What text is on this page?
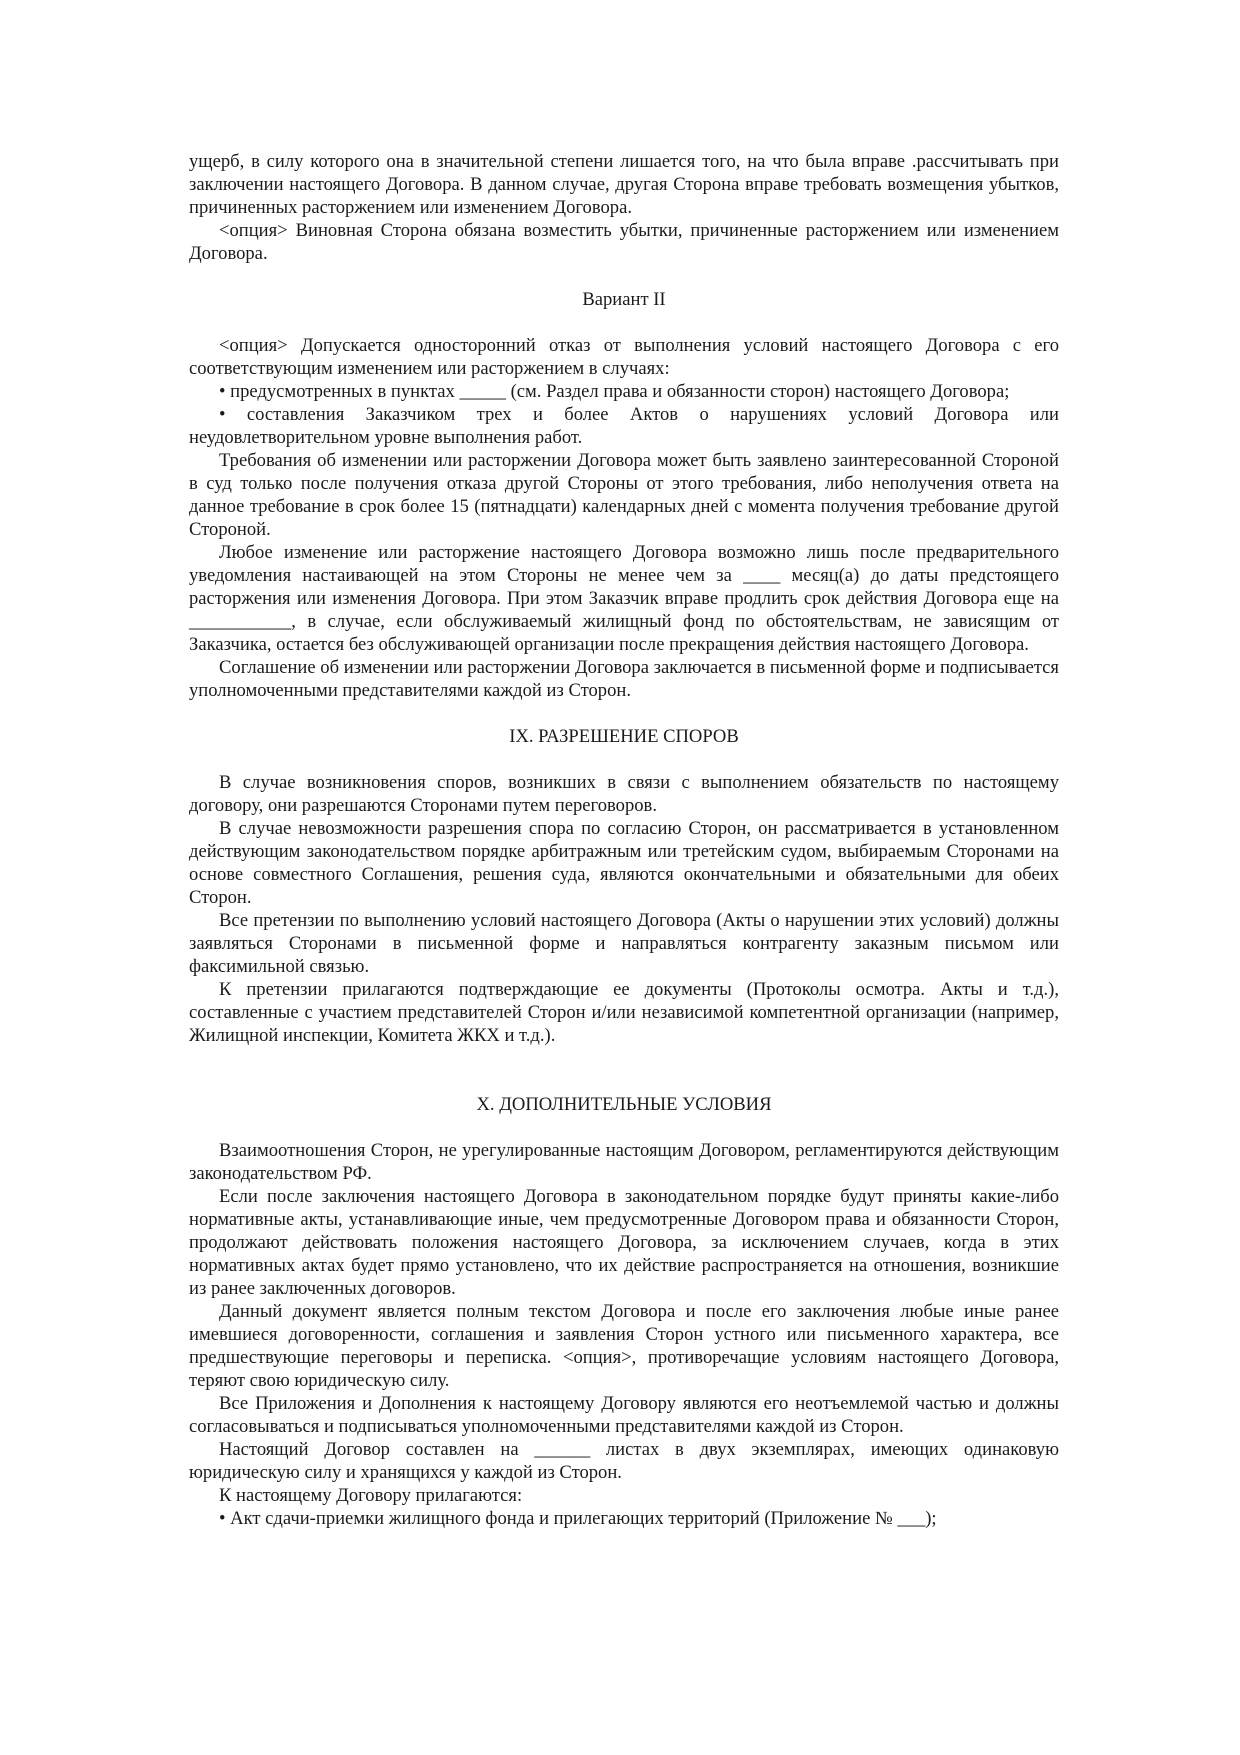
ущерб, в силу которого она в значительной степени лишается того, на что была вправе .рассчитывать при заключении настоящего Договора. В данном случае, другая Сторона вправе требовать возмещения убытков, причиненных расторжением или изменением Договора.

<опция> Виновная Сторона обязана возместить убытки, причиненные расторжением или изменением Договора.

Вариант II

<опция> Допускается односторонний отказ от выполнения условий настоящего Договора с его соответствующим изменением или расторжением в случаях:

• предусмотренных в пунктах _____ (см. Раздел права и обязанности сторон) настоящего Договора;

• составления Заказчиком трех и более Актов о нарушениях условий Договора или неудовлетворительном уровне выполнения работ.

Требования об изменении или расторжении Договора может быть заявлено заинтересованной Стороной в суд только после получения отказа другой Стороны от этого требования, либо неполучения ответа на данное требование в срок более 15 (пятнадцати) календарных дней с момента получения требование другой Стороной.

Любое изменение или расторжение настоящего Договора возможно лишь после предварительного уведомления настаивающей на этом Стороны не менее чем за ____ месяц(а) до даты предстоящего расторжения или изменения Договора. При этом Заказчик вправе продлить срок действия Договора еще на ___________, в случае, если обслуживаемый жилищный фонд по обстоятельствам, не зависящим от Заказчика, остается без обслуживающей организации после прекращения действия настоящего Договора.

Соглашение об изменении или расторжении Договора заключается в письменной форме и подписывается уполномоченными представителями каждой из Сторон.

IX. РАЗРЕШЕНИЕ СПОРОВ

В случае возникновения споров, возникших в связи с выполнением обязательств по настоящему договору, они разрешаются Сторонами путем переговоров.

В случае невозможности разрешения спора по согласию Сторон, он рассматривается в установленном действующим законодательством порядке арбитражным или третейским судом, выбираемым Сторонами на основе совместного Соглашения, решения суда, являются окончательными и обязательными для обеих Сторон.

Все претензии по выполнению условий настоящего Договора (Акты о нарушении этих условий) должны заявляться Сторонами в письменной форме и направляться контрагенту заказным письмом или факсимильной связью.

К претензии прилагаются подтверждающие ее документы (Протоколы осмотра. Акты и т.д.), составленные с участием представителей Сторон и/или независимой компетентной организации (например, Жилищной инспекции, Комитета ЖКХ и т.д.).

X. ДОПОЛНИТЕЛЬНЫЕ УСЛОВИЯ

Взаимоотношения Сторон, не урегулированные настоящим Договором, регламентируются действующим законодательством РФ.

Если после заключения настоящего Договора в законодательном порядке будут приняты какие-либо нормативные акты, устанавливающие иные, чем предусмотренные Договором права и обязанности Сторон, продолжают действовать положения настоящего Договора, за исключением случаев, когда в этих нормативных актах будет прямо установлено, что их действие распространяется на отношения, возникшие из ранее заключенных договоров.

Данный документ является полным текстом Договора и после его заключения любые иные ранее имевшиеся договоренности, соглашения и заявления Сторон устного или письменного характера, все предшествующие переговоры и переписка. <опция>, противоречащие условиям настоящего Договора, теряют свою юридическую силу.

Все Приложения и Дополнения к настоящему Договору являются его неотъемлемой частью и должны согласовываться и подписываться уполномоченными представителями каждой из Сторон.

Настоящий Договор составлен на ______ листах в двух экземплярах, имеющих одинаковую юридическую силу и хранящихся у каждой из Сторон.

К настоящему Договору прилагаются:

• Акт сдачи-приемки жилищного фонда и прилегающих территорий (Приложение № ___);
